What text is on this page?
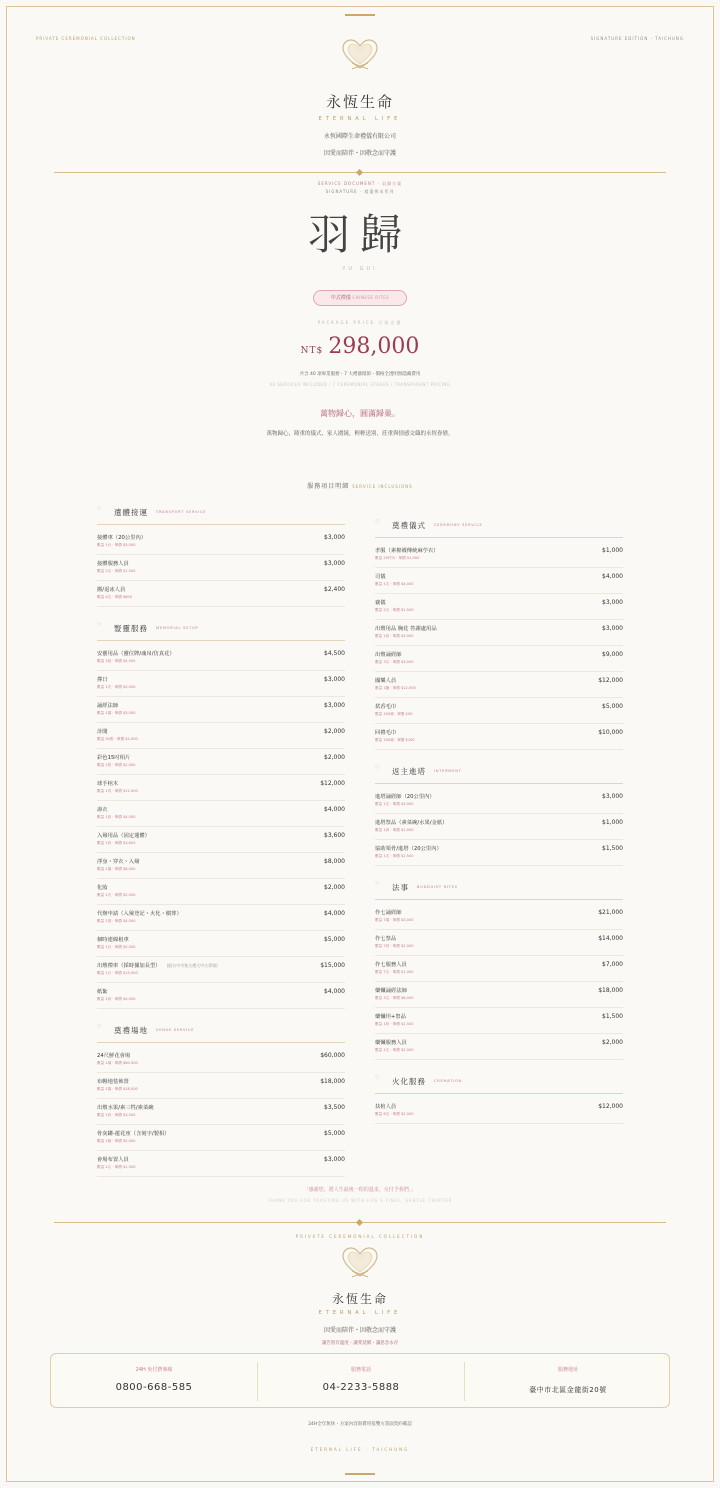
PRIVATE CEREMONIAL COLLECTION	SIGNATURE EDITION · TAICHUNG
永恆生命
ETERNAL LIFE
永恆國際生命禮儀有限公司
因愛而陪伴・因敬念而守護
SERVICE DOCUMENT · 羽歸方案
SIGNATURE · 精選傳承系列
羽歸
YU GUI
中式禮儀 CHINESE RITES
PACKAGE PRICE 方案定價
NT$ 298,000
共含 40 項專業服務・7 大禮儀環節・價格全透明無隱藏費用
40 SERVICES INCLUDED / 7 CEREMONIAL STAGES / TRANSPARENT PRICING
萬物歸心，圓滿歸巢。
萬物歸心，隆重的儀式，家人圍繞，輕輕送別，莊重與情感交織的永恆眷戀。
服務項目明細 SERVICE INCLUSIONS
♡ 遺體接運 TRANSPORT SERVICE
接體車（20公里內）
數量 1台 · 單價 $3,000
$3,000
接體服務人員
數量 2名 · 單價 $1,500
$3,000
搬/退冰人員
數量 4名 · 單價 $600
$2,400
♡ 豎靈服務 MEMORIAL SETUP
安靈用品（靈位牌/魂帛/仿真花）
數量 1組 · 單價 $4,500
$4,500
擇日
數量 1次 · 單價 $3,000
$3,000
誦經法師
數量 1場 · 單價 $3,000
$3,000
訃聞
數量 50張 · 單價 $2,000
$2,000
彩色15吋相片
數量 1張 · 單價 $2,000
$2,000
球手棺木
數量 1具 · 單價 $12,000
$12,000
壽衣
數量 1套 · 單價 $4,000
$4,000
入殮用品（固定蓮體）
數量 1套 · 單價 $3,600
$3,600
淨身・穿衣・入殮
數量 1場 · 單價 $8,000
$8,000
化妝
數量 1次 · 單價 $2,000
$2,000
代辦申請（入殮登記・火化・樹葬）
數量 1項 · 單價 $4,000
$4,000
個時連線租車
數量 1台 · 單價 $5,000
$5,000
出殯禮車（採時據加長型） (限台中市集合禮大甲火葬場)
數量 1台 · 單價 $15,000
$15,000
紙紮
數量 1套 · 單價 $4,000
$4,000
♡ 奠禮場地 VENUE SERVICE
24尺鮮花會場
數量 1場 · 單價 $60,000
$60,000
布幔地毯佈置
數量 1場 · 單價 $18,000
$18,000
出殯水果/素三牲/素菜碗
數量 1套 · 單價 $3,500
$3,500
骨灰罐-蓮花座（含刻字/製相）
數量 1個 · 單價 $5,000
$5,000
會場布置人員
數量 2名 · 單價 $1,500
$3,000
♡ 奠禮儀式 CEREMONY SERVICE
孝服（素棉襪傳統麻苧衣）
數量 20件內 · 單價 $1,000
$1,000
司儀
數量 1名 · 單價 $4,000
$4,000
襄儀
數量 2名 · 單價 $1,500
$3,000
出殯用品 胸花 答謝處用品
數量 1套 · 單價 $3,000
$3,000
出殯誦經師
數量 3名 · 單價 $3,000
$9,000
國樂人員
數量 1團 · 單價 $12,000
$12,000
拭香毛巾
數量 100條 · 單價 $50
$5,000
回禮毛巾
數量 100條 · 單價 $100
$10,000
♡ 返主進塔 INTERMENT
進塔誦經師（20公里內）
數量 1名 · 單價 $3,000
$3,000
進塔祭品（素菜碗/水果/金紙）
數量 1套 · 單價 $1,000
$1,000
協助領骨/進塔（20公里內）
數量 1名 · 單價 $1,500
$1,500
♡ 法事 BUDDHIST RITES
作七誦經師
數量 7場 · 單價 $3,000
$21,000
作七祭品
數量 7套 · 單價 $2,000
$14,000
作七服務人員
數量 7名 · 單價 $1,000
$7,000
藥懺誦經法師
數量 3名 · 單價 $6,000
$18,000
藥懺坦+祭品
數量 1套 · 單價 $1,500
$1,500
藥懺服務人員
數量 1名 · 單價 $2,000
$2,000
♡ 火化服務 CREMATION
扶棺人員
數量 6名 · 單價 $2,000
$12,000
「感謝您，將人生最後一程的溫柔，交付予我們。」
THANK YOU FOR TRUSTING US WITH LIFE'S FINAL, GENTLE CHAPTER
PRIVATE CEREMONIAL COLLECTION
永恆生命
ETERNAL LIFE
因愛而陪伴・因敬念而守護
讓告別有溫度・讓愛延續・讓思念永存
24H 免付費專線
0800-668-585
服務電話
04-2233-5888
服務地址
臺中市北區金龍街20號
24H全年無休・方案內容與費用依雙方書面契約確認
ETERNAL LIFE · TAICHUNG
